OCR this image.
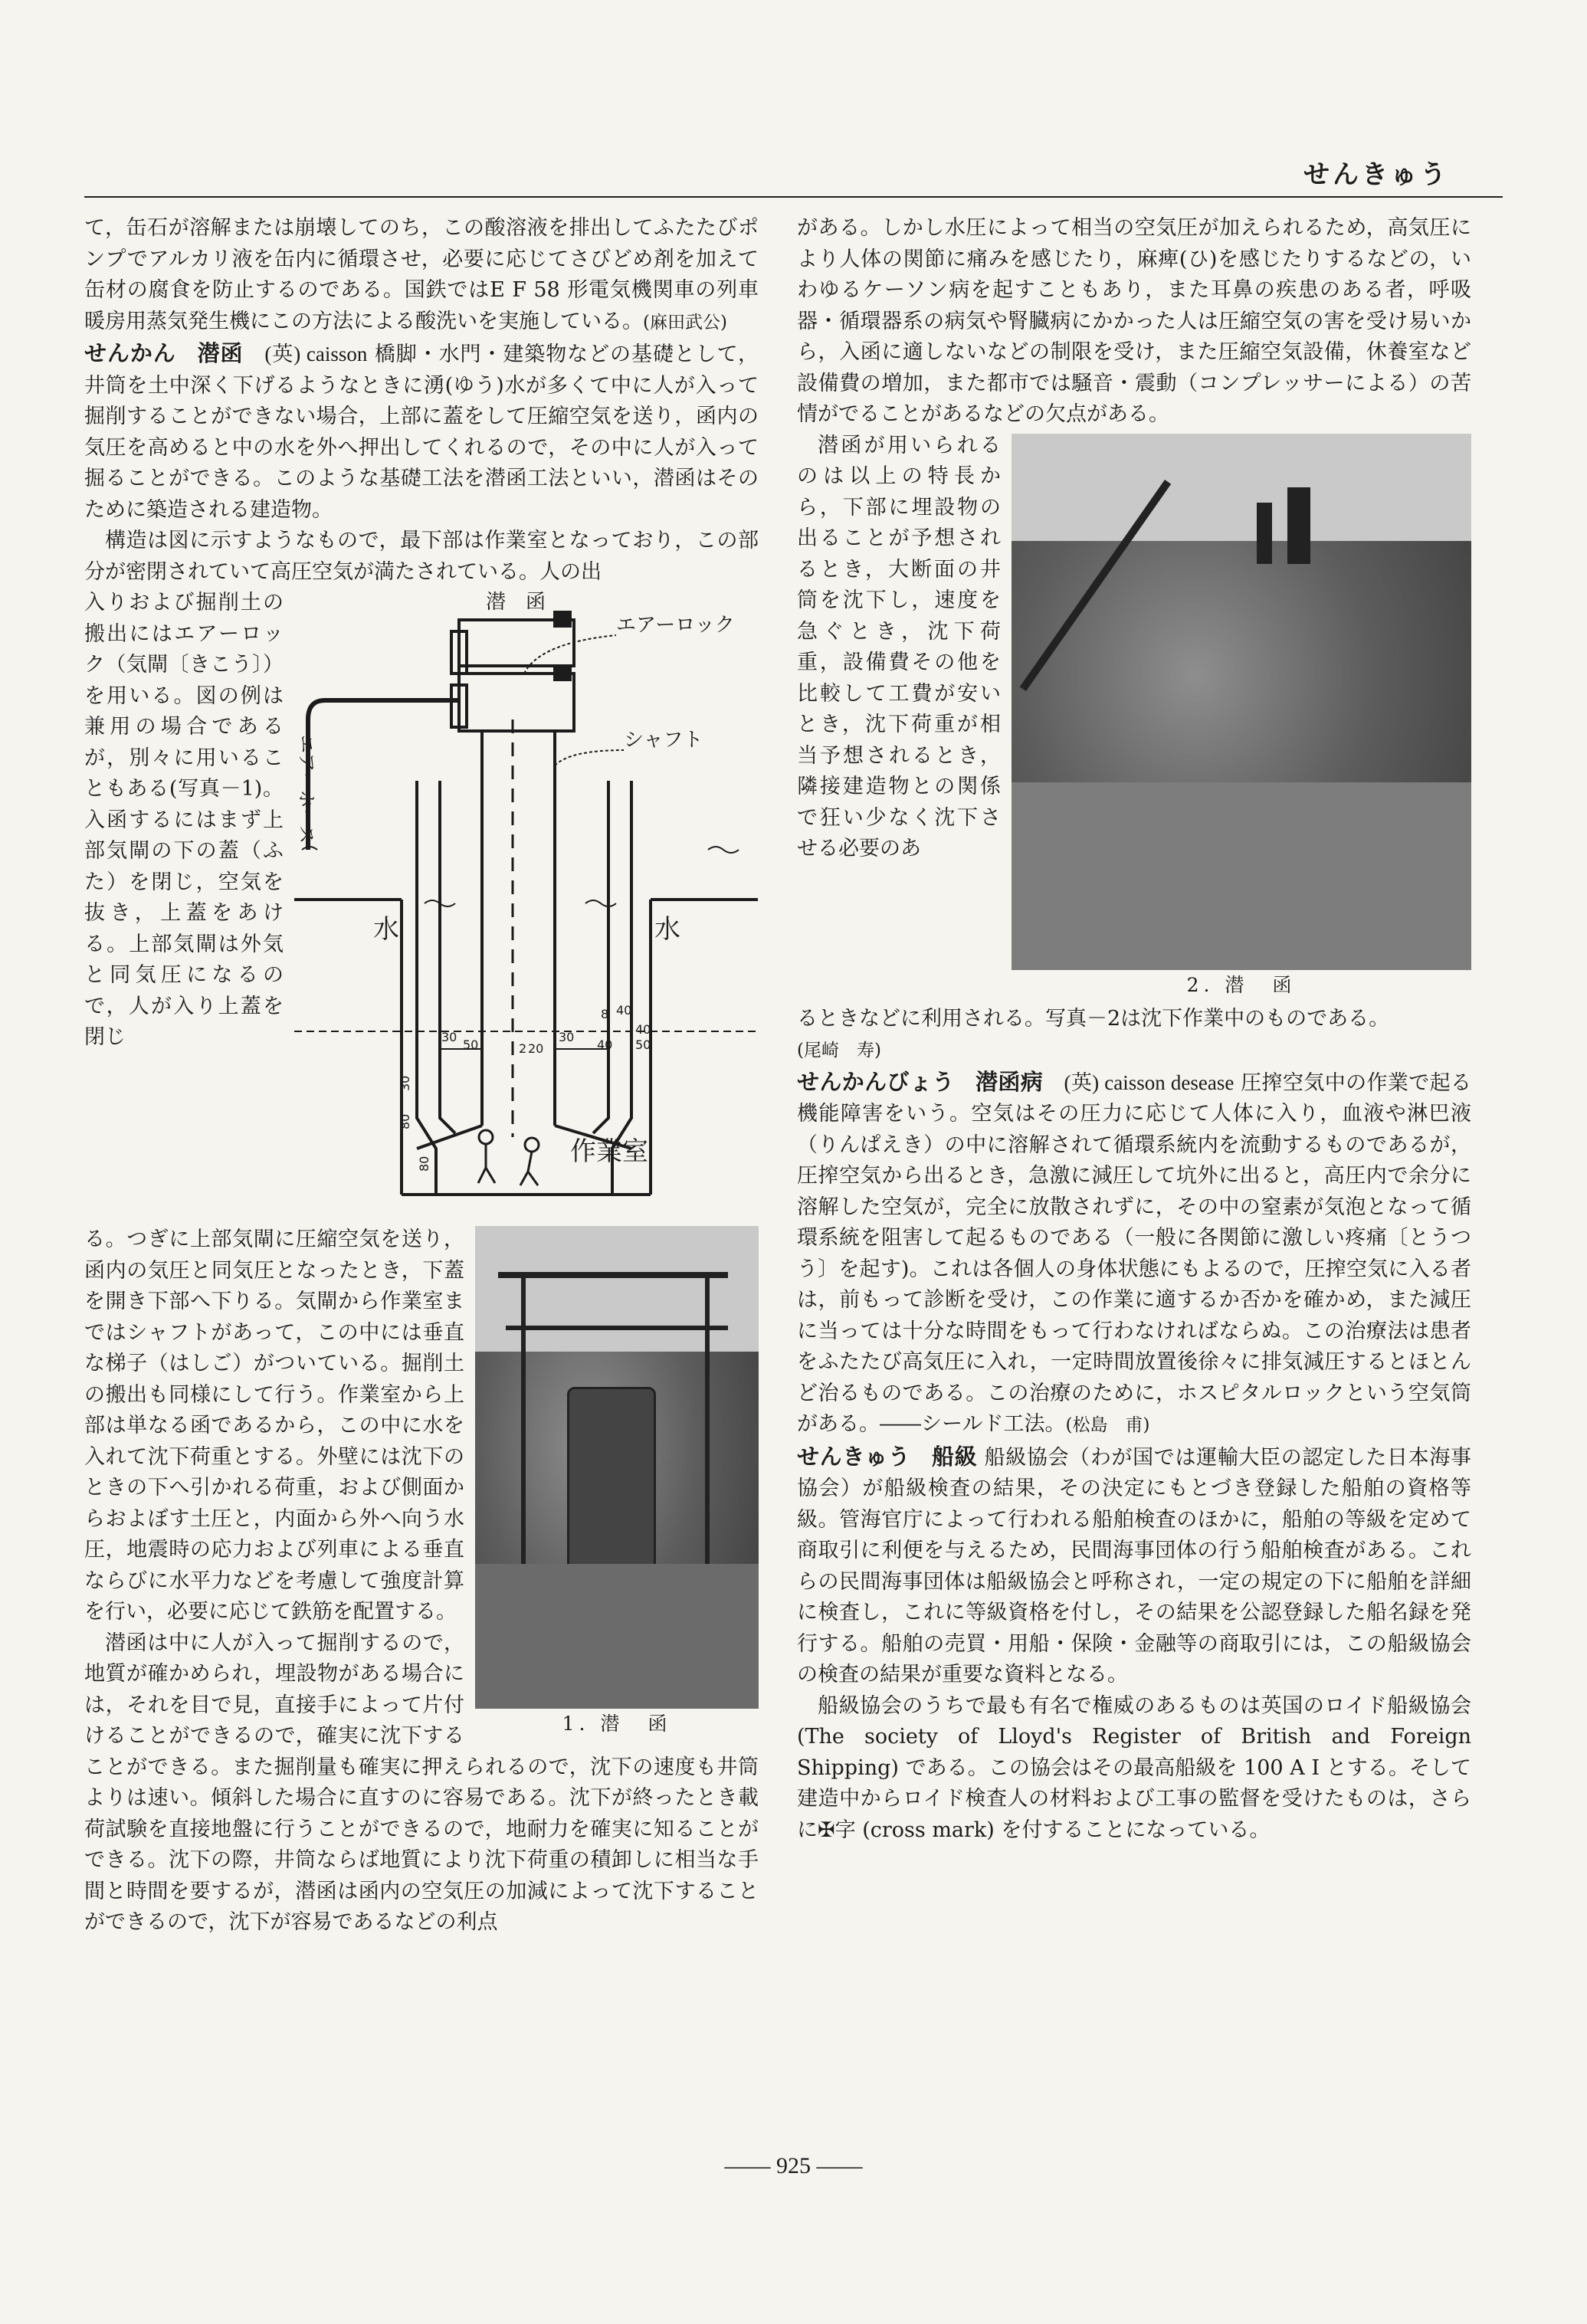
せんきゅう

て，缶石が溶解または崩壊してのち，この酸溶液を排出してふたたびポンプでアルカリ液を缶内に循環させ，必要に応じてさびどめ剤を加えて缶材の腐食を防止するのである。国鉄ではE F 58 形電気機関車の列車暖房用蒸気発生機にこの方法による酸洗いを実施している。(麻田武公)

せんかん　 潜函　 (英) caisson 橋脚・水門・建築物などの基礎として，井筒を土中深く下げるようなときに湧(ゆう)水が多くて中に人が入って掘削することができない場合，上部に蓋をして圧縮空気を送り，函内の気圧を高めると中の水を外へ押出してくれるので，その中に人が入って掘ることができる。このような基礎工法を潜函工法といい，潜函はそのために築造される建造物。

構造は図に示すようなもので，最下部は作業室となっており，この部分が密閉されていて高圧空気が満たされている。人の出

潜　函
エアーロック
シャフト
水
水
作業室
エアーホース
8 40
30
50
30
40
50
40
2 20
30
80
80

入りおよび掘削土の搬出にはエアーロック（気閘〔きこう〕）を用いる。図の例は兼用の場合であるが，別々に用いることもある(写真－1)。入函するにはまず上部気閘の下の蓋（ふた）を閉じ，空気を抜き，上蓋をあける。上部気閘は外気と同気圧になるので，人が入り上蓋を閉じ

1. 潜　函

る。つぎに上部気閘に圧縮空気を送り，函内の気圧と同気圧となったとき，下蓋を開き下部へ下りる。気閘から作業室まではシャフトがあって，この中には垂直な梯子（はしご）がついている。掘削土の搬出も同様にして行う。作業室から上部は単なる函であるから，この中に水を入れて沈下荷重とする。外壁には沈下のときの下へ引かれる荷重，および側面からおよぼす土圧と，内面から外へ向う水圧，地震時の応力および列車による垂直ならびに水平力などを考慮して強度計算を行い，必要に応じて鉄筋を配置する。

潜函は中に人が入って掘削するので，地質が確かめられ，埋設物がある場合には，それを目で見，直接手によって片付けることができるので，確実に沈下することができる。また掘削量も確実に押えられるので，沈下の速度も井筒よりは速い。傾斜した場合に直すのに容易である。沈下が終ったとき載荷試験を直接地盤に行うことができるので，地耐力を確実に知ることができる。沈下の際，井筒ならば地質により沈下荷重の積卸しに相当な手間と時間を要するが，潜函は函内の空気圧の加減によって沈下することができるので，沈下が容易であるなどの利点

がある。しかし水圧によって相当の空気圧が加えられるため，高気圧により人体の関節に痛みを感じたり，麻痺(ひ)を感じたりするなどの，いわゆるケーソン病を起すこともあり，また耳鼻の疾患のある者，呼吸器・循環器系の病気や腎臓病にかかった人は圧縮空気の害を受け易いから，入函に適しないなどの制限を受け，また圧縮空気設備，休養室など設備費の増加，また都市では騒音・震動（コンプレッサーによる）の苦情がでることがあるなどの欠点がある。

2. 潜　函

潜函が用いられるのは以上の特長から，下部に埋設物の出ることが予想されるとき，大断面の井筒を沈下し，速度を急ぐとき，沈下荷重，設備費その他を比較して工費が安いとき，沈下荷重が相当予想されるとき，隣接建造物との関係で狂い少なく沈下させる必要のあ

るときなどに利用される。写真－2は沈下作業中のものである。
(尾崎　寿)

せんかんびょう　 潜函病　 (英) caisson desease 圧搾空気中の作業で起る機能障害をいう。空気はその圧力に応じて人体に入り，血液や淋巴液（りんぱえき）の中に溶解されて循環系統内を流動するものであるが，圧搾空気から出るとき，急激に減圧して坑外に出ると，高圧内で余分に溶解した空気が，完全に放散されずに，その中の窒素が気泡となって循環系統を阻害して起るものである（一般に各関節に激しい疼痛〔とうつう〕を起す)。これは各個人の身体状態にもよるので，圧搾空気に入る者は，前もって診断を受け，この作業に適するか否かを確かめ，また減圧に当っては十分な時間をもって行わなければならぬ。この治療法は患者をふたたび高気圧に入れ，一定時間放置後徐々に排気減圧するとほとんど治るものである。この治療のために，ホスピタルロックという空気筒がある。――シールド工法。(松島　甫)

せんきゅう　 船級 船級協会（わが国では運輸大臣の認定した日本海事協会）が船級検査の結果，その決定にもとづき登録した船舶の資格等級。管海官庁によって行われる船舶検査のほかに，船舶の等級を定めて商取引に利便を与えるため，民間海事団体の行う船舶検査がある。これらの民間海事団体は船級協会と呼称され，一定の規定の下に船舶を詳細に検査し，これに等級資格を付し，その結果を公認登録した船名録を発行する。船舶の売買・用船・保険・金融等の商取引には，この船級協会の検査の結果が重要な資料となる。

船級協会のうちで最も有名で権威のあるものは英国のロイド船級協会 (The society of Lloyd's Register of British and Foreign Shipping) である。この協会はその最高船級を 100 A I とする。そして建造中からロイド検査人の材料および工事の監督を受けたものは，さらに✠字 (cross mark) を付することになっている。

―― 925 ――
